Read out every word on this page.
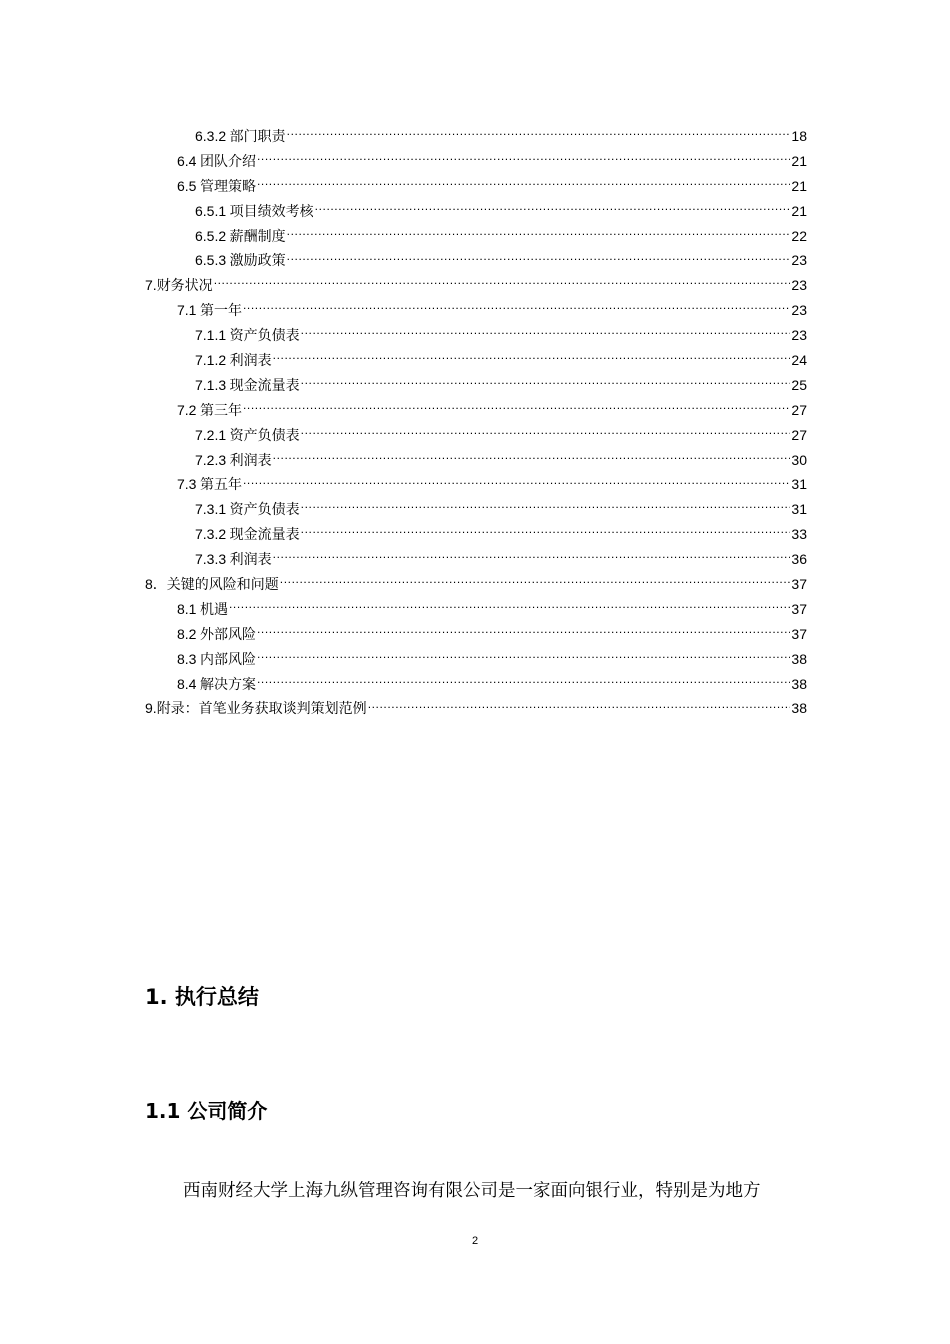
6.3.2 部门职责 .....	18
6.4 团队介绍 .....	21
6.5 管理策略 .....	21
6.5.1 项目绩效考核 .....	21
6.5.2 薪酬制度 .....	22
6.5.3 激励政策 .....	23
7.财务状况 .....	23
7.1 第一年 .....	23
7.1.1 资产负债表 .....	23
7.1.2 利润表 .....	24
7.1.3 现金流量表 .....	25
7.2 第三年 .....	27
7.2.1 资产负债表 .....	27
7.2.3 利润表 .....	30
7.3 第五年 .....	31
7.3.1 资产负债表 .....	31
7.3.2 现金流量表 .....	33
7.3.3 利润表 .....	36
8．关键的风险和问题 .....	37
8.1 机遇 .....	37
8.2 外部风险 .....	37
8.3 内部风险 .....	38
8.4 解决方案 .....	38
9.附录：首笔业务获取谈判策划范例 .....	38
1. 执行总结
1.1 公司简介
西南财经大学上海九纵管理咨询有限公司是一家面向银行业，特别是为地方
2
